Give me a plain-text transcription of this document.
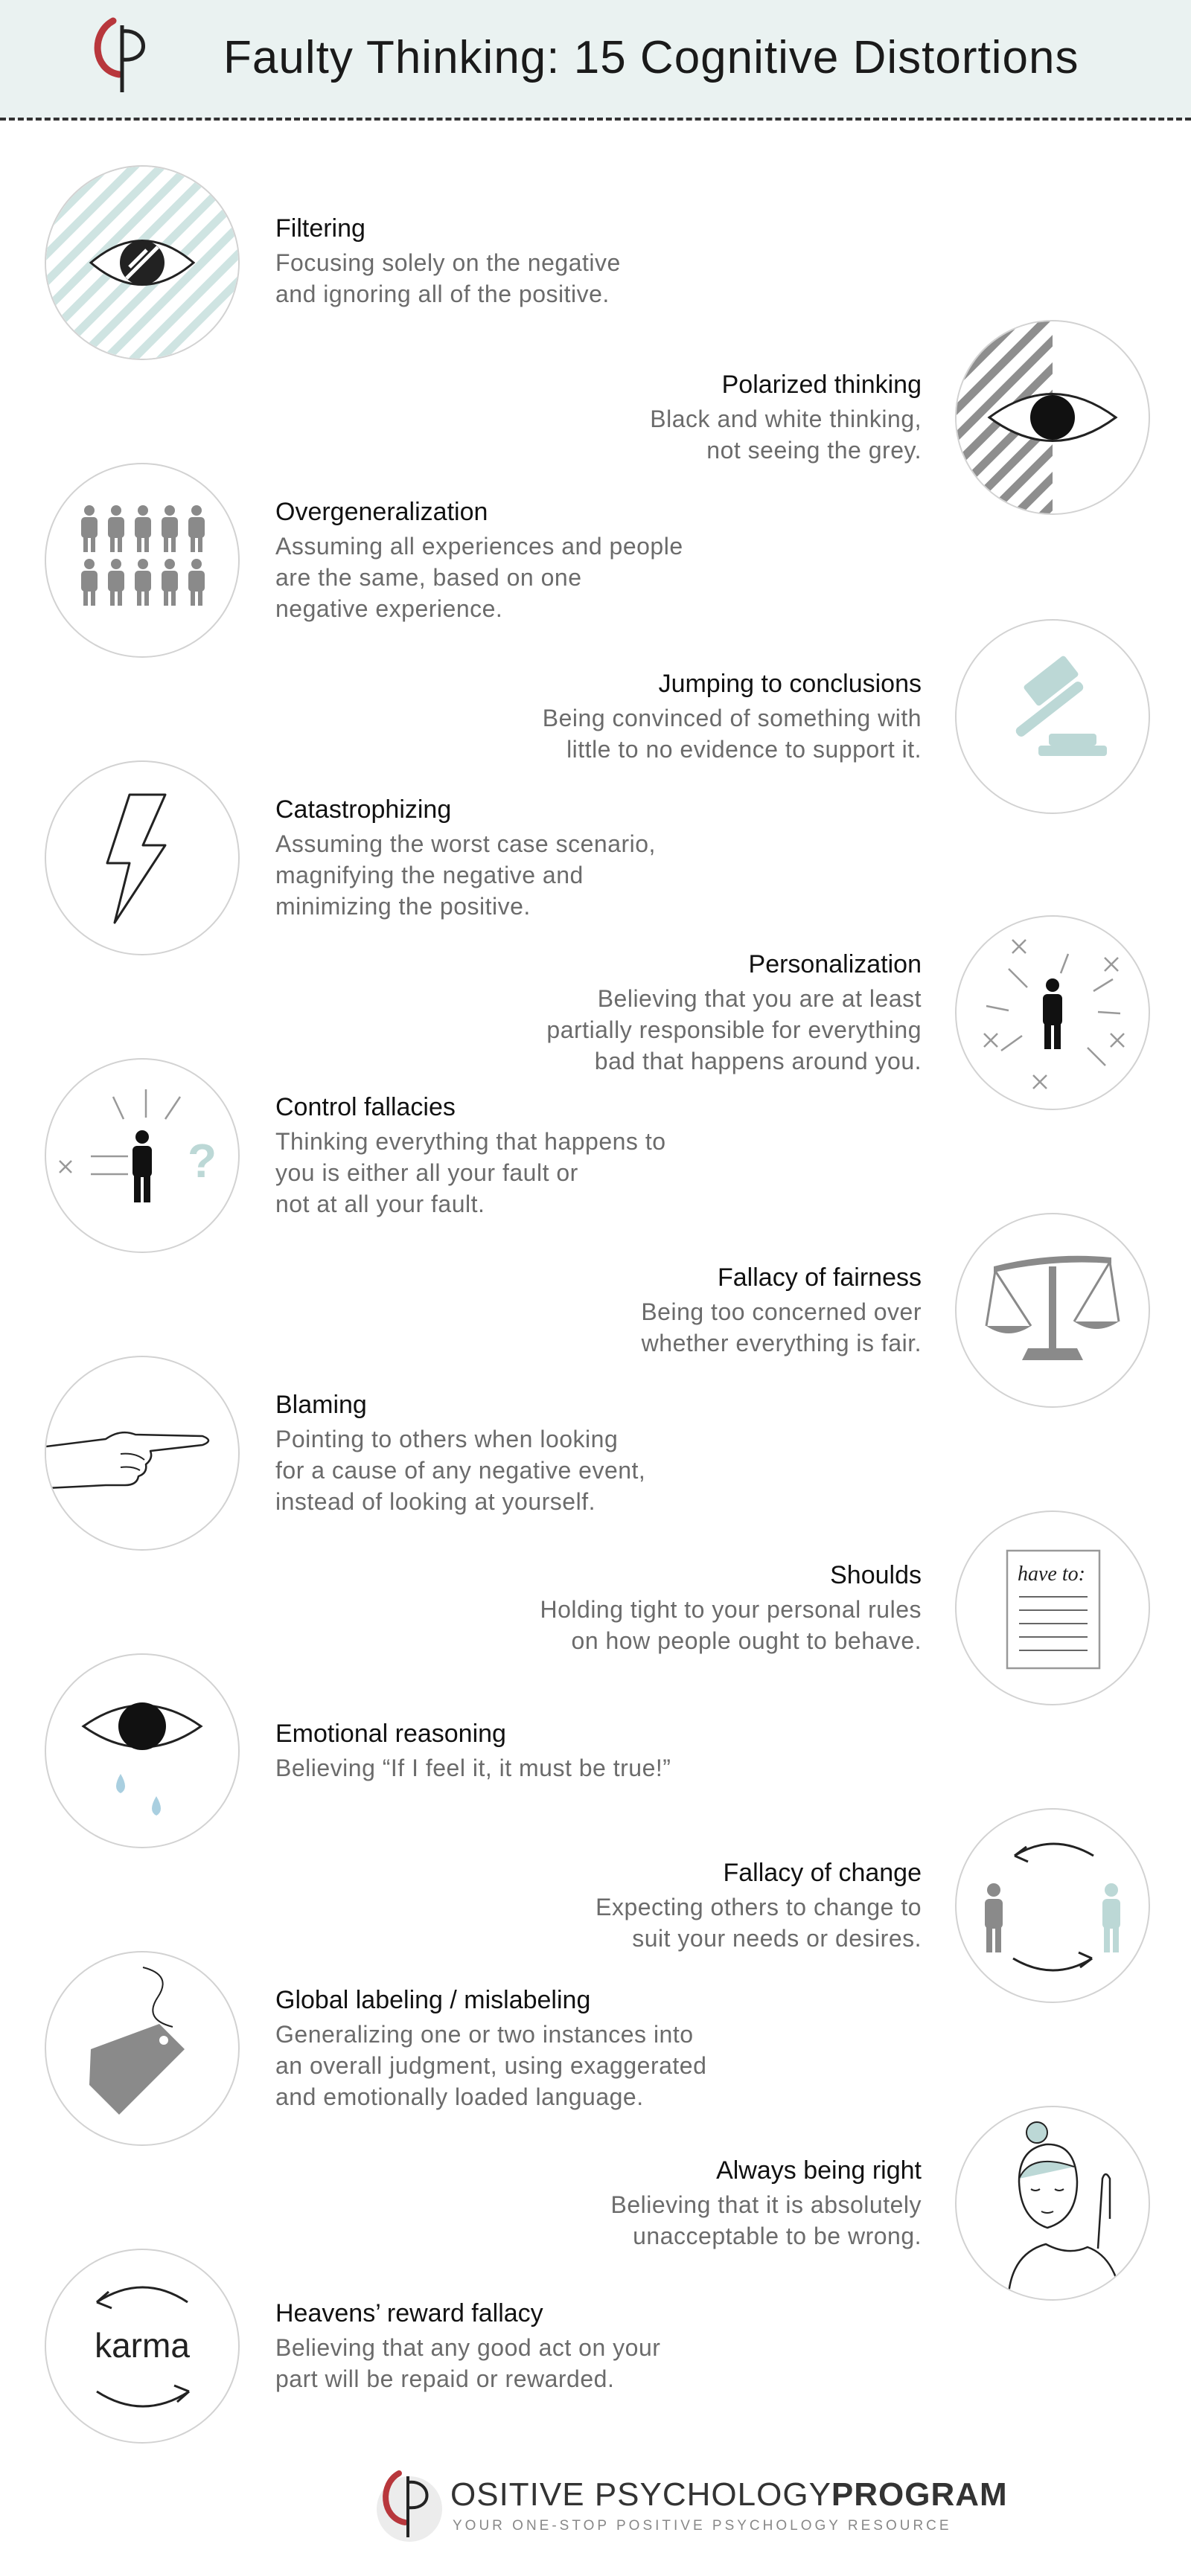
Faulty Thinking: 15 Cognitive Distortions
Filtering
Focusing solely on the negative
and ignoring all of the positive.
Polarized thinking
Black and white thinking,
not seeing the grey.
Overgeneralization
Assuming all experiences and people
are the same, based on one
negative experience.
Jumping to conclusions
Being convinced of something with
little to no evidence to support it.
Catastrophizing
Assuming the worst case scenario,
magnifying the negative and
minimizing the positive.
Personalization
Believing that you are at least
partially responsible for everything
bad that happens around you.
?
Control fallacies
Thinking everything that happens to
you is either all your fault or
not at all your fault.
Fallacy of fairness
Being too concerned over
whether everything is fair.
Blaming
Pointing to others when looking
for a cause of any negative event,
instead of looking at yourself.
have to:
Shoulds
Holding tight to your personal rules
on how people ought to behave.
Emotional reasoning
Believing “If I feel it, it must be true!”
Fallacy of change
Expecting others to change to
suit your needs or desires.
Global labeling / mislabeling
Generalizing one or two instances into
an overall judgment, using exaggerated
and emotionally loaded language.
Always being right
Believing that it is absolutely
unacceptable to be wrong.
karma
Heavens’ reward fallacy
Believing that any good act on your
part will be repaid or rewarded.
OSITIVE PSYCHOLOGYPROGRAM
YOUR ONE-STOP POSITIVE PSYCHOLOGY RESOURCE
